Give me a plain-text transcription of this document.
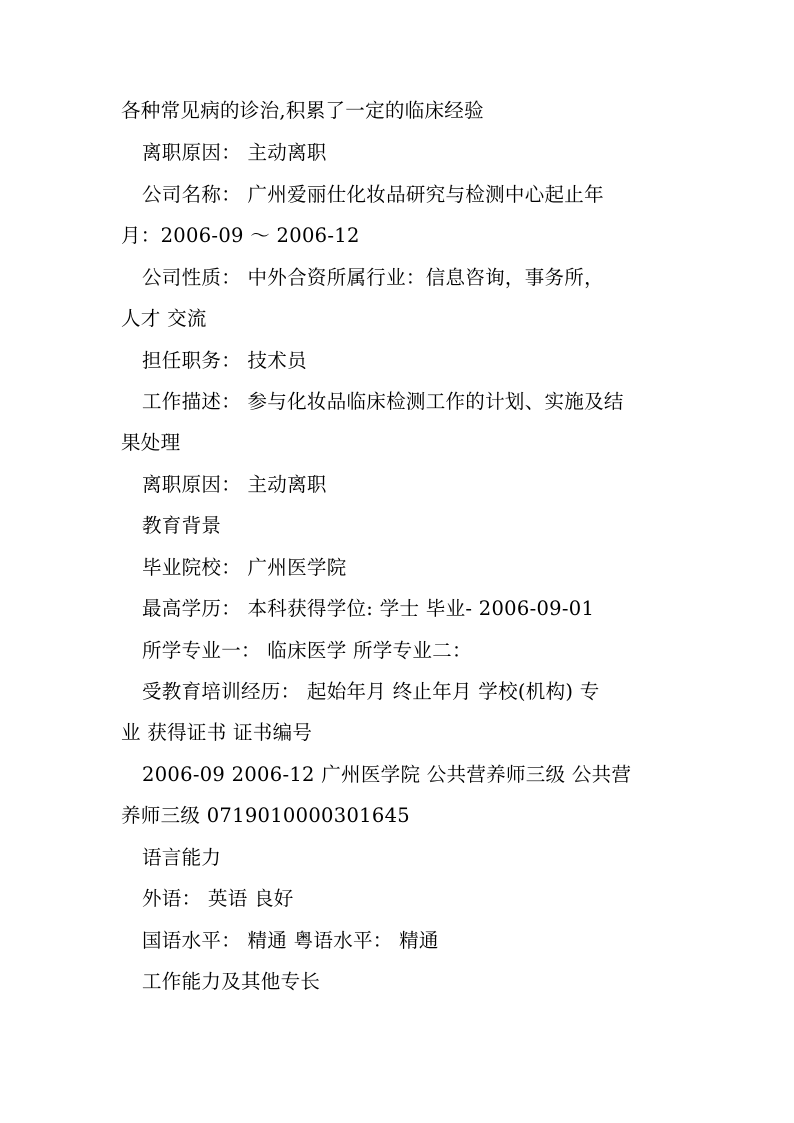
各种常见病的诊治,积累了一定的临床经验
离职原因： 主动离职
公司名称： 广州爱丽仕化妆品研究与检测中心起止年
月：2006-09 ～ 2006-12
公司性质： 中外合资所属行业：信息咨询，事务所，
人才 交流
担任职务： 技术员
工作描述： 参与化妆品临床检测工作的计划、实施及结
果处理
离职原因： 主动离职
教育背景
毕业院校： 广州医学院
最高学历： 本科获得学位: 学士 毕业- 2006-09-01
所学专业一： 临床医学 所学专业二：
受教育培训经历： 起始年月 终止年月 学校(机构) 专
业 获得证书 证书编号
2006-09 2006-12 广州医学院 公共营养师三级 公共营
养师三级 0719010000301645
语言能力
外语： 英语 良好
国语水平： 精通 粤语水平： 精通
工作能力及其他专长
